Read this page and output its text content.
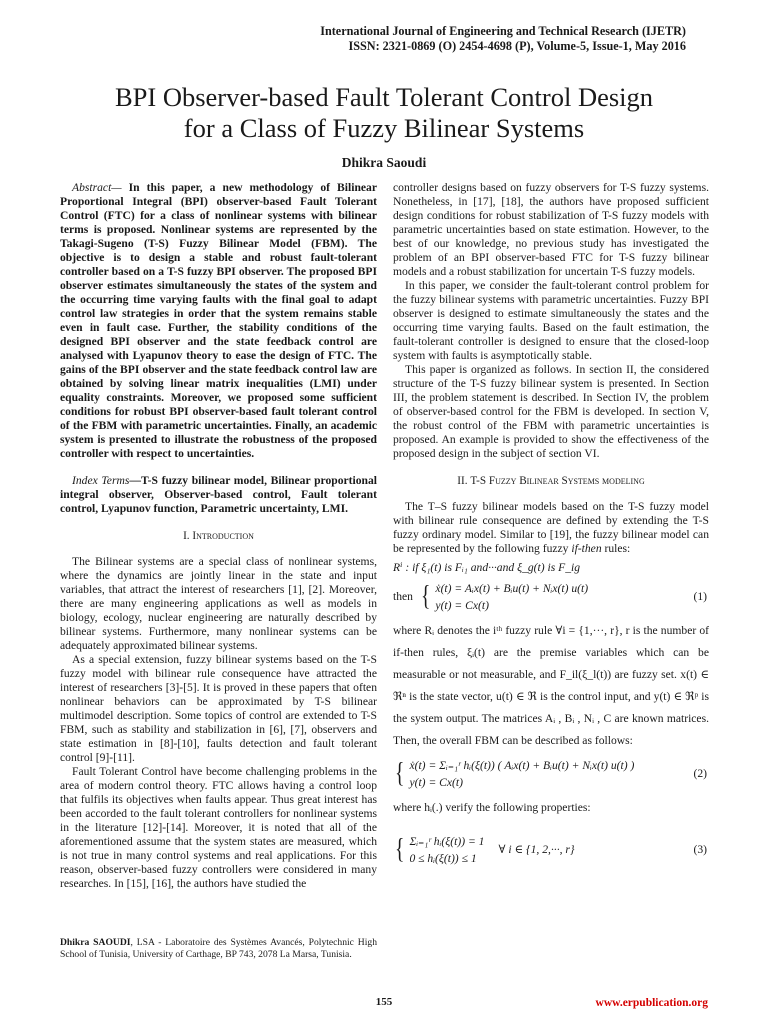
International Journal of Engineering and Technical Research (IJETR)
ISSN: 2321-0869 (O) 2454-4698 (P), Volume-5, Issue-1, May 2016
BPI Observer-based Fault Tolerant Control Design
for a Class of Fuzzy Bilinear Systems
Dhikra Saoudi

Abstract— In this paper, a new methodology of Bilinear Proportional Integral (BPI) observer-based Fault Tolerant Control (FTC) for a class of nonlinear systems with bilinear terms is proposed. Nonlinear systems are represented by the Takagi-Sugeno (T-S) Fuzzy Bilinear Model (FBM). The objective is to design a stable and robust fault-tolerant controller based on a T-S fuzzy BPI observer. The proposed BPI observer estimates simultaneously the states of the system and the occurring time varying faults with the final goal to adapt control law strategies in order that the system remains stable even in fault case. Further, the stability conditions of the designed BPI observer and the state feedback control are analysed with Lyapunov theory to ease the design of FTC. The gains of the BPI observer and the state feedback control law are obtained by solving linear matrix inequalities (LMI) under equality constraints. Moreover, we proposed some sufficient conditions for robust BPI observer-based fault tolerant control of the FBM with parametric uncertainties. Finally, an academic system is presented to illustrate the robustness of the proposed controller with respect to uncertainties.

Index Terms—T-S fuzzy bilinear model, Bilinear proportional integral observer, Observer-based control, Fault tolerant control, Lyapunov function, Parametric uncertainty, LMI.

I. Introduction

The Bilinear systems are a special class of nonlinear systems, where the dynamics are jointly linear in the state and input variables, that attract the interest of researchers [1], [2]. Moreover, there are many engineering applications as well as models in biology, ecology, nuclear engineering are naturally described by bilinear systems. Furthermore, many nonlinear systems can be adequately approximated bilinear systems.

As a special extension, fuzzy bilinear systems based on the T-S fuzzy model with bilinear rule consequence have attracted the interest of researchers [3]-[5]. It is proved in these papers that often nonlinear behaviors can be approximated by T-S bilinear multimodel description. Some topics of control are extended to T-S FBM, such as stability and stabilization in [6], [7], observers and state estimation in [8]-[10], faults detection and fault tolerant control [9]-[11].

Fault Tolerant Control have become challenging problems in the area of modern control theory. FTC allows having a control loop that fulfils its objectives when faults appear. Thus great interest has been accorded to the fault tolerant controllers for nonlinear systems in the literature [12]-[14]. Moreover, it is noted that all of the aforementioned assume that the system states are measured, which is not true in many control systems and real applications. For this reason, observer-based fuzzy controllers were considered in many researches. In [15], [16], the authors have studied the

controller designs based on fuzzy observers for T-S fuzzy systems. Nonetheless, in [17], [18], the authors have proposed sufficient design conditions for robust stabilization of T-S fuzzy models with parametric uncertainties based on state estimation. However, to the best of our knowledge, no previous study has investigated the problem of an BPI observer-based FTC for T-S fuzzy bilinear models and a robust stabilization for uncertain T-S fuzzy models.

In this paper, we consider the fault-tolerant control problem for the fuzzy bilinear systems with parametric uncertainties. Fuzzy BPI observer is designed to estimate simultaneously the states and the occurring time varying faults. Based on the fault estimation, the fault-tolerant controller is designed to ensure that the closed-loop system with faults is asymptotically stable.

This paper is organized as follows. In section II, the considered structure of the T-S fuzzy bilinear system is presented. In Section III, the problem statement is described. In Section IV, the problem of observer-based control for the FBM is developed. In section V, the robust control of the FBM with parametric uncertainties is proposed. An example is provided to show the effectiveness of the proposed design in the subject of section VI.

II. T-S Fuzzy Bilinear Systems modeling

The T–S fuzzy bilinear models based on the T-S fuzzy model with bilinear rule consequence are defined by extending the T-S fuzzy ordinary model. Similar to [19], the fuzzy bilinear model can be represented by the following fuzzy if-then rules:

Rⁱ : if ξ₁(t) is Fᵢ₁ and···and ξ_g(t) is F_ig
then { ẋ(t) = Aᵢx(t) + Bᵢu(t) + Nᵢx(t) u(t)
y(t) = Cx(t)
(1)

where Rᵢ denotes the iᵗʰ fuzzy rule ∀i = {1,···, r}, r is the number of if-then rules, ξᵢ(t) are the premise variables which can be measurable or not measurable, and F_il(ξ_l(t)) are fuzzy set. x(t) ∈ ℜⁿ is the state vector, u(t) ∈ ℜ is the control input, and y(t) ∈ ℜᵖ is the system output. The matrices Aᵢ , Bᵢ , Nᵢ , C are known matrices. Then, the overall FBM can be described as follows:

{ ẋ(t) = Σᵢ₌₁ʳ hᵢ(ξ(t)) ( Aᵢx(t) + Bᵢu(t) + Nᵢx(t) u(t) )
y(t) = Cx(t)
(2)

where hᵢ(.) verify the following properties:

{ Σᵢ₌₁ʳ hᵢ(ξ(t)) = 1
0 ≤ hᵢ(ξ(t)) ≤ 1
∀ i ∈ {1, 2,···, r}	(3)
Dhikra SAOUDI, LSA - Laboratoire des Systèmes Avancés, Polytechnic High School of Tunisia, University of Carthage, BP 743, 2078 La Marsa, Tunisia.
155	www.erpublication.org
